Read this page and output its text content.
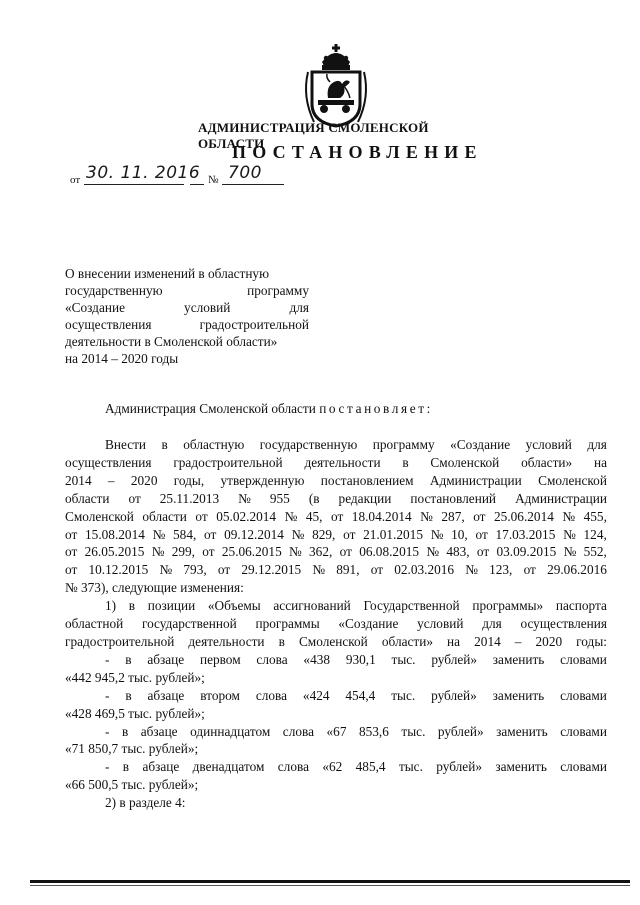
АДМИНИСТРАЦИЯ СМОЛЕНСКОЙ ОБЛАСТИ
ПОСТАНОВЛЕНИЕ
от 30. 11. 2016 № 700
О внесении изменений в областную
государственную программу
«Создание условий для
осуществления градостроительной
деятельности в Смоленской области»
на 2014 – 2020 годы
Администрация Смоленской области постановляет:
Внести в областную государственную программу «Создание условий для
осуществления градостроительной деятельности в Смоленской области» на
2014 – 2020 годы, утвержденную постановлением Администрации Смоленской
области от 25.11.2013 № 955 (в редакции постановлений Администрации
Смоленской области от 05.02.2014 № 45, от 18.04.2014 № 287, от 25.06.2014 № 455,
от 15.08.2014 № 584, от 09.12.2014 № 829, от 21.01.2015 № 10, от 17.03.2015 № 124,
от 26.05.2015 № 299, от 25.06.2015 № 362, от 06.08.2015 № 483, от 03.09.2015 № 552,
от 10.12.2015 № 793, от 29.12.2015 № 891, от 02.03.2016 № 123, от 29.06.2016
№ 373), следующие изменения:
1) в позиции «Объемы ассигнований Государственной программы» паспорта
областной государственной программы «Создание условий для осуществления
градостроительной деятельности в Смоленской области» на 2014 – 2020 годы:
- в абзаце первом слова «438 930,1 тыс. рублей» заменить словами
«442 945,2 тыс. рублей»;
- в абзаце втором слова «424 454,4 тыс. рублей» заменить словами
«428 469,5 тыс. рублей»;
- в абзаце одиннадцатом слова «67 853,6 тыс. рублей» заменить словами
«71 850,7 тыс. рублей»;
- в абзаце двенадцатом слова «62 485,4 тыс. рублей» заменить словами
«66 500,5 тыс. рублей»;
2) в разделе 4:
